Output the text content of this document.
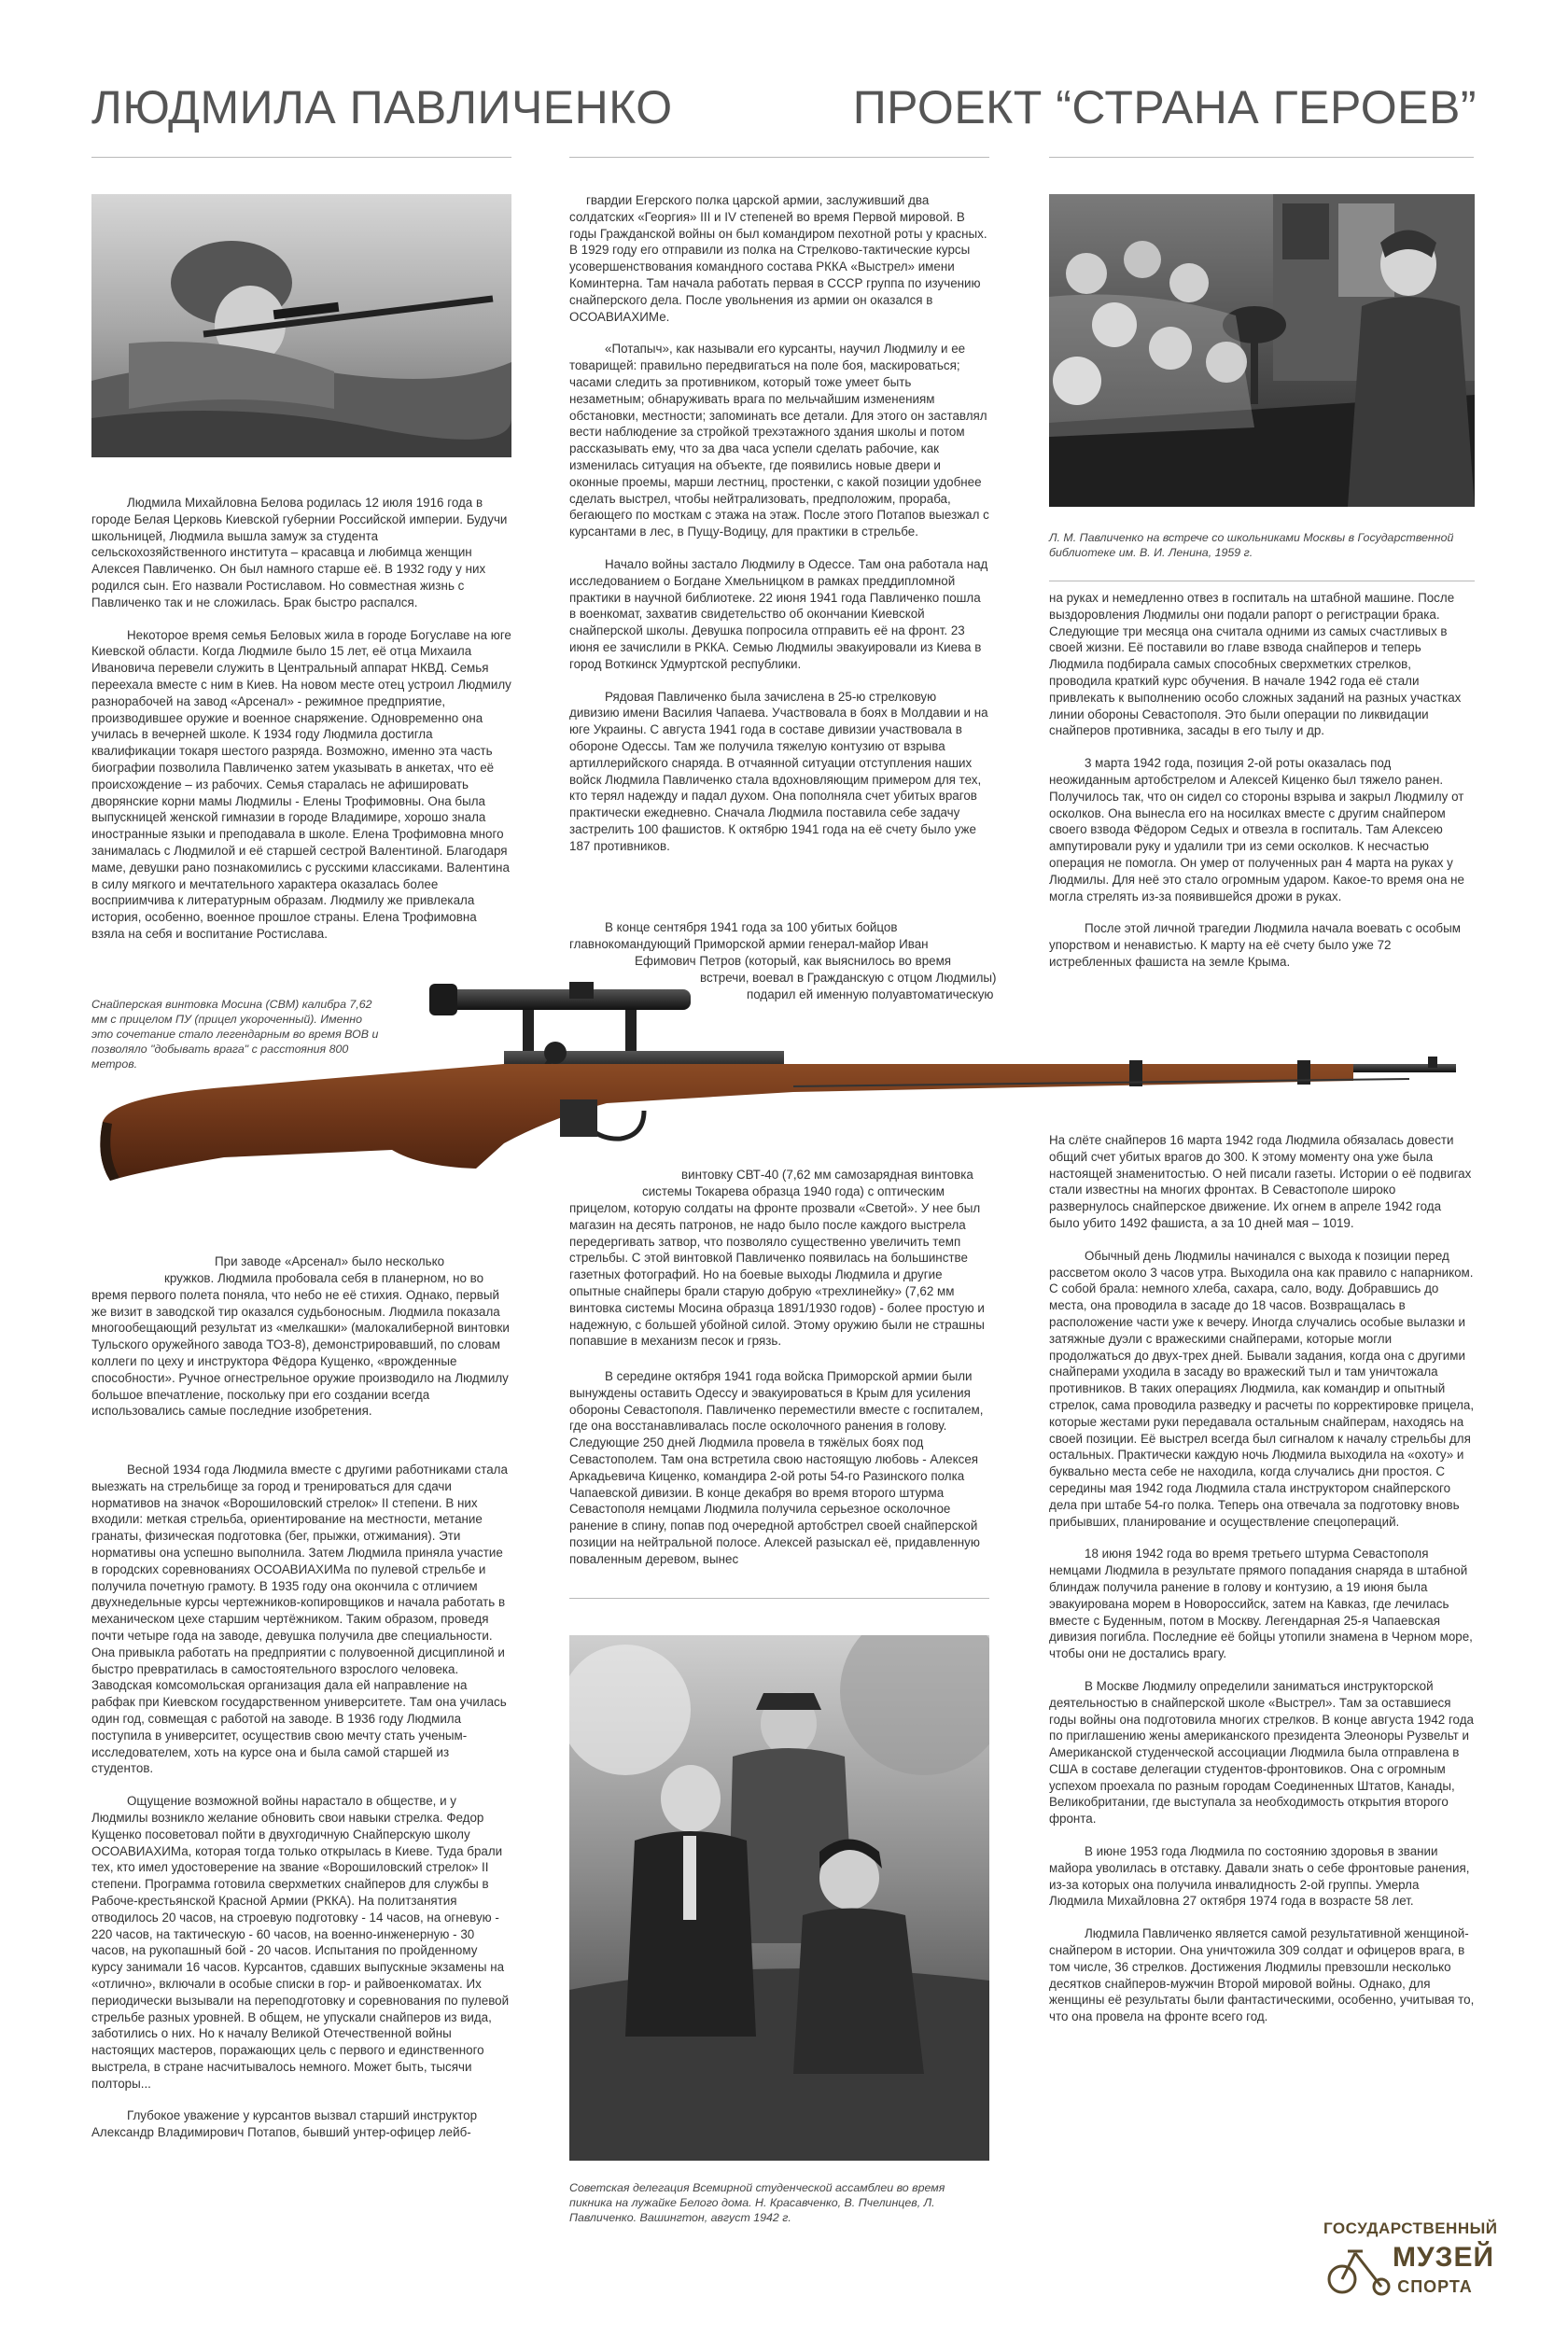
ЛЮДМИЛА ПАВЛИЧЕНКО	ПРОЕКТ “СТРАНА ГЕРОЕВ”

Людмила Михайловна Белова родилась 12 июля 1916 года в городе Белая Церковь Киевской губернии Российской империи. Будучи школьницей, Людмила вышла замуж за студента сельскохозяйственного института – красавца и любимца женщин Алексея Павличенко. Он был намного старше её. В 1932 году у них родился сын. Его назвали Ростиславом. Но совместная жизнь с Павличенко так и не сложилась. Брак быстро распался.

Некоторое время семья Беловых жила в городе Богуславе на юге Киевской области. Когда Людмиле было 15 лет, её отца Михаила Ивановича перевели служить в Центральный аппарат НКВД. Семья переехала вместе с ним в Киев. На новом месте отец устроил Людмилу разнорабочей на завод «Арсенал» - режимное предприятие, производившее оружие и военное снаряжение. Одновременно она училась в вечерней школе. К 1934 году Людмила достигла квалификации токаря шестого разряда. Возможно, именно эта часть биографии позволила Павличенко затем указывать в анкетах, что её происхождение – из рабочих. Семья старалась не афишировать дворянские корни мамы Людмилы - Елены Трофимовны. Она была выпускницей женской гимназии в городе Владимире, хорошо знала иностранные языки и преподавала в школе. Елена Трофимовна много занималась с Людмилой и её старшей сестрой Валентиной. Благодаря маме, девушки рано познакомились с русскими классиками. Валентина в силу мягкого и мечтательного характера оказалась более восприимчива к литературным образам. Людмилу же привлекала история, особенно, военное прошлое страны. Елена Трофимовна взяла на себя и воспитание Ростислава.

Снайперская винтовка Мосина (СВМ) калибра 7,62 мм с прицелом ПУ (прицел укороченный). Именно это сочетание стало легендарным во время ВОВ и позволяло "добывать врага" с расстояния 800 метров.
При заводе «Арсенал» было несколько
кружков. Людмила пробовала себя в планерном, но во время первого полета поняла, что небо не её стихия. Однако, первый же визит в заводской тир оказался судьбоносным. Людмила показала многообещающий результат из «мелкашки» (малокалиберной винтовки Тульского оружейного завода ТОЗ-8), демонстрировавший, по словам коллеги по цеху и инструктора Фёдора Кущенко, «врожденные способности». Ручное огнестрельное оружие производило на Людмилу большое впечатление, поскольку при его создании всегда использовались самые последние изобретения.

Весной 1934 года Людмила вместе с другими работниками стала выезжать на стрельбище за город и тренироваться для сдачи нормативов на значок «Ворошиловский стрелок» II степени. В них входили: меткая стрельба, ориентирование на местности, метание гранаты, физическая подготовка (бег, прыжки, отжимания). Эти нормативы она успешно выполнила. Затем Людмила приняла участие в городских соревнованиях ОСОАВИАХИМа по пулевой стрельбе и получила почетную грамоту. В 1935 году она окончила с отличием двухнедельные курсы чертежников-копировщиков и начала работать в механическом цехе старшим чертёжником. Таким образом, проведя почти четыре года на заводе, девушка получила две специальности. Она привыкла работать на предприятии с полувоенной дисциплиной и быстро превратилась в самостоятельного взрослого человека. Заводская комсомольская организация дала ей направление на рабфак при Киевском государственном университете. Там она училась один год, совмещая с работой на заводе. В 1936 году Людмила поступила в университет, осуществив свою мечту стать ученым-исследователем, хоть на курсе она и была самой старшей из студентов.

Ощущение возможной войны нарастало в обществе, и у Людмилы возникло желание обновить свои навыки стрелка. Федор Кущенко посоветовал пойти в двухгодичную Снайперскую школу ОСОАВИАХИМа, которая тогда только открылась в Киеве. Туда брали тех, кто имел удостоверение на звание «Ворошиловский стрелок» II степени. Программа готовила сверхметких снайперов для службы в Рабоче-крестьянской Красной Армии (РККА). На политзанятия отводилось 20 часов, на строевую подготовку - 14 часов, на огневую - 220 часов, на тактическую - 60 часов, на военно-инженерную - 30 часов, на рукопашный бой - 20 часов. Испытания по пройденному курсу занимали 16 часов. Курсантов, сдавших выпускные экзамены на «отлично», включали в особые списки в гор- и райвоенкоматах. Их периодически вызывали на переподготовку и соревнования по пулевой стрельбе разных уровней. В общем, не упускали снайперов из вида, заботились о них. Но к началу Великой Отечественной войны настоящих мастеров, поражающих цель с первого и единственного выстрела, в стране насчитывалось немного. Может быть, тысячи полторы...

Глубокое уважение у курсантов вызвал старший инструктор Александр Владимирович Потапов, бывший унтер-офицер лейб-

гвардии Егерского полка царской армии, заслуживший два солдатских «Георгия» III и IV степеней во время Первой мировой. В годы Гражданской войны он был командиром пехотной роты у красных. В 1929 году его отправили из полка на Стрелково-тактические курсы усовершенствования командного состава РККА «Выстрел» имени Коминтерна. Там начала работать первая в СССР группа по изучению снайперского дела. После увольнения из армии он оказался в ОСОАВИАХИМе.

«Потапыч», как называли его курсанты, научил Людмилу и ее товарищей: правильно передвигаться на поле боя, маскироваться; часами следить за противником, который тоже умеет быть незаметным; обнаруживать врага по мельчайшим изменениям обстановки, местности; запоминать все детали. Для этого он заставлял вести наблюдение за стройкой трехэтажного здания школы и потом рассказывать ему, что за два часа успели сделать рабочие, как изменилась ситуация на объекте, где появились новые двери и оконные проемы, марши лестниц, простенки, с какой позиции удобнее сделать выстрел, чтобы нейтрализовать, предположим, прораба, бегающего по мосткам с этажа на этаж. После этого Потапов выезжал с курсантами в лес, в Пущу-Водицу, для практики в стрельбе.

Начало войны застало Людмилу в Одессе. Там она работала над исследованием о Богдане Хмельницком в рамках преддипломной практики в научной библиотеке. 22 июня 1941 года Павличенко пошла в военкомат, захватив свидетельство об окончании Киевской снайперской школы. Девушка попросила отправить её на фронт. 23 июня ее зачислили в РККА. Семью Людмилы эвакуировали из Киева в город Воткинск Удмуртской республики.

Рядовая Павличенко была зачислена в 25-ю стрелковую дивизию имени Василия Чапаева. Участвовала в боях в Молдавии и на юге Украины. С августа 1941 года в составе дивизии участвовала в обороне Одессы. Там же получила тяжелую контузию от взрыва артиллерийского снаряда. В отчаянной ситуации отступления наших войск Людмила Павличенко стала вдохновляющим примером для тех, кто терял надежду и падал духом. Она пополняла счет убитых врагов практически ежедневно. Сначала Людмила поставила себе задачу застрелить 100 фашистов. К октябрю 1941 года на её счету было уже 187 противников.

В конце сентября 1941 года за 100 убитых бойцов
главнокомандующий Приморской армии генерал-майор Иван
Ефимович Петров (который, как выяснилось во время
встречи, воевал в Гражданскую с отцом Людмилы)
подарил ей именную полуавтоматическую
винтовку СВТ-40 (7,62 мм самозарядная винтовка
системы Токарева образца 1940 года) с оптическим
прицелом, которую солдаты на фронте прозвали «Светой». У нее был магазин на десять патронов, не надо было после каждого выстрела передергивать затвор, что позволяло существенно увеличить темп стрельбы. С этой винтовкой Павличенко появилась на большинстве газетных фотографий. Но на боевые выходы Людмила и другие опытные снайперы брали старую добрую «трехлинейку» (7,62 мм винтовка системы Мосина образца 1891/1930 годов) - более простую и надежную, с большей убойной силой. Этому оружию были не страшны попавшие в механизм песок и грязь.

В середине октября 1941 года войска Приморской армии были вынуждены оставить Одессу и эвакуироваться в Крым для усиления обороны Севастополя. Павличенко переместили вместе с госпиталем, где она восстанавливалась после осколочного ранения в голову. Следующие 250 дней Людмила провела в тяжёлых боях под Севастополем. Там она встретила свою настоящую любовь - Алексея Аркадьевича Киценко, командира 2-ой роты 54-го Разинского полка Чапаевской дивизии. В конце декабря во время второго штурма Севастополя немцами Людмила получила серьезное осколочное ранение в спину, попав под очередной артобстрел своей снайперской позиции на нейтральной полосе. Алексей разыскал её, придавленную поваленным деревом, вынес

Советская делегация Всемирной студенческой ассамблеи во время пикника на лужайке Белого дома. Н. Красавченко, В. Пчелинцев, Л. Павличенко. Вашингтон, август 1942 г.
Л. М. Павличенко на встрече со школьниками Москвы в Государственной библиотеке им. В. И. Ленина, 1959 г.

на руках и немедленно отвез в госпиталь на штабной машине. После выздоровления Людмилы они подали рапорт о регистрации брака. Следующие три месяца она считала одними из самых счастливых в своей жизни. Её поставили во главе взвода снайперов и теперь Людмила подбирала самых способных сверхметких стрелков, проводила краткий курс обучения. В начале 1942 года её стали привлекать к выполнению особо сложных заданий на разных участках линии обороны Севастополя. Это были операции по ликвидации снайперов противника, засады в его тылу и др.

3 марта 1942 года, позиция 2-ой роты оказалась под неожиданным артобстрелом и Алексей Киценко был тяжело ранен. Получилось так, что он сидел со стороны взрыва и закрыл Людмилу от осколков. Она вынесла его на носилках вместе с другим снайпером своего взвода Фёдором Седых и отвезла в госпиталь. Там Алексею ампутировали руку и удалили три из семи осколков. К несчастью операция не помогла. Он умер от полученных ран 4 марта на руках у Людмилы. Для неё это стало огромным ударом. Какое-то время она не могла стрелять из-за появившейся дрожи в руках.

После этой личной трагедии Людмила начала воевать с особым упорством и ненавистью. К марту на её счету было уже 72 истребленных фашиста на земле Крыма.

На слёте снайперов 16 марта 1942 года Людмила обязалась довести общий счет убитых врагов до 300. К этому моменту она уже была настоящей знаменитостью. О ней писали газеты. Истории о её подвигах стали известны на многих фронтах. В Севастополе широко развернулось снайперское движение. Их огнем в апреле 1942 года было убито 1492 фашиста, а за 10 дней мая – 1019.

Обычный день Людмилы начинался с выхода к позиции перед рассветом около 3 часов утра. Выходила она как правило с напарником. С собой брала: немного хлеба, сахара, сало, воду. Добравшись до места, она проводила в засаде до 18 часов. Возвращалась в расположение части уже к вечеру. Иногда случались особые вылазки и затяжные дуэли с вражескими снайперами, которые могли продолжаться до двух-трех дней. Бывали задания, когда она с другими снайперами уходила в засаду во вражеский тыл и там уничтожала противников. В таких операциях Людмила, как командир и опытный стрелок, сама проводила разведку и расчеты по корректировке прицела, которые жестами руки передавала остальным снайперам, находясь на своей позиции. Её выстрел всегда был сигналом к началу стрельбы для остальных. Практически каждую ночь Людмила выходила на «охоту» и буквально места себе не находила, когда случались дни простоя. С середины мая 1942 года Людмила стала инструктором снайперского дела при штабе 54-го полка. Теперь она отвечала за подготовку вновь прибывших, планирование и осуществление спецопераций.

18 июня 1942 года во время третьего штурма Севастополя немцами Людмила в результате прямого попадания снаряда в штабной блиндаж получила ранение в голову и контузию, а 19 июня была эвакуирована морем в Новороссийск, затем на Кавказ, где лечилась вместе с Буденным, потом в Москву. Легендарная 25-я Чапаевская дивизия погибла. Последние её бойцы утопили знамена в Черном море, чтобы они не достались врагу.

В Москве Людмилу определили заниматься инструкторской деятельностью в снайперской школе «Выстрел». Там за оставшиеся годы войны она подготовила многих стрелков. В конце августа 1942 года по приглашению жены американского президента Элеоноры Рузвельт и Американской студенческой ассоциации Людмила была отправлена в США в составе делегации студентов-фронтовиков. Она с огромным успехом проехала по разным городам Соединенных Штатов, Канады, Великобритании, где выступала за необходимость открытия второго фронта.

В июне 1953 года Людмила по состоянию здоровья в звании майора уволилась в отставку. Давали знать о себе фронтовые ранения, из-за которых она получила инвалидность 2-ой группы. Умерла Людмила Михайловна 27 октября 1974 года в возрасте 58 лет.

Людмила Павличенко является самой результативной женщиной-снайпером в истории. Она уничтожила 309 солдат и офицеров врага, в том числе, 36 стрелков. Достижения Людмилы превзошли несколько десятков снайперов-мужчин Второй мировой войны. Однако, для женщины её результаты были фантастическими, особенно, учитывая то, что она провела на фронте всего год.

ГОСУДАРСТВЕННЫЙ
МУЗЕЙ
СПОРТА
